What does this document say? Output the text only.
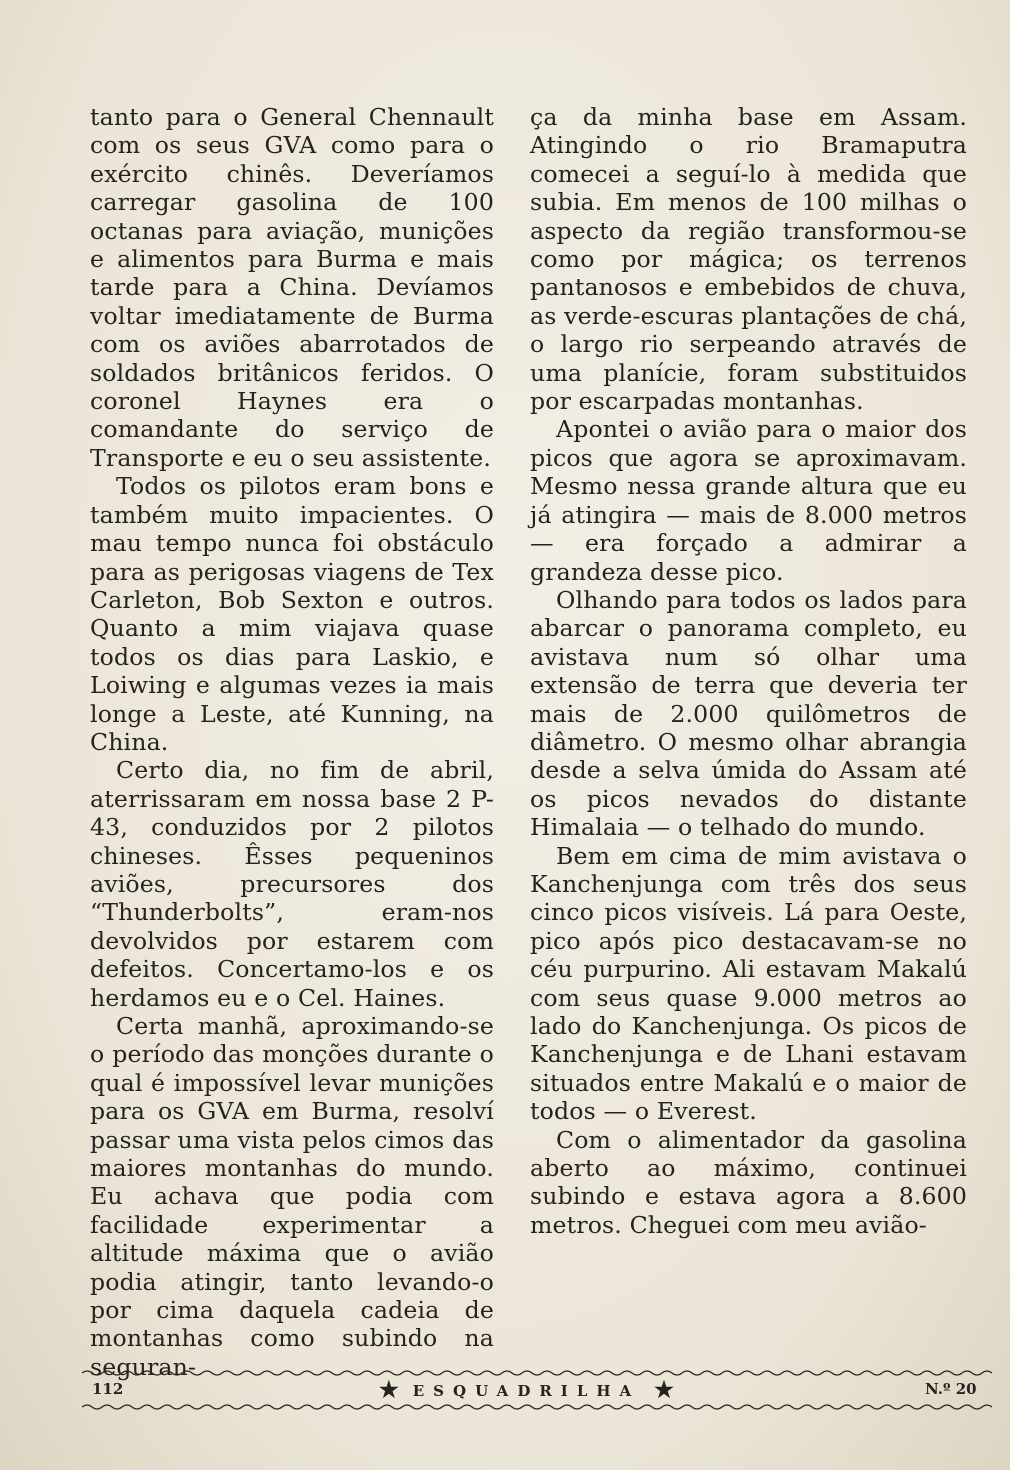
tanto para o General Chennault com os seus GVA como para o exército chinês. Deveríamos carregar gasolina de 100 octanas para aviação, munições e alimentos para Burma e mais tarde para a China. Devíamos voltar imediatamente de Burma com os aviões abarrotados de soldados britânicos feridos. O coronel Haynes era o comandante do serviço de Transporte e eu o seu assistente.

Todos os pilotos eram bons e também muito impacientes. O mau tempo nunca foi obstáculo para as perigosas viagens de Tex Carleton, Bob Sexton e outros. Quanto a mim viajava quase todos os dias para Laskio, e Loiwing e algumas vezes ia mais longe a Leste, até Kunning, na China.

Certo dia, no fim de abril, aterrissaram em nossa base 2 P-43, conduzidos por 2 pilotos chineses. Êsses pequeninos aviões, precursores dos “Thunderbolts”, eram-nos devolvidos por estarem com defeitos. Concertamo-los e os herdamos eu e o Cel. Haines.

Certa manhã, aproximando-se o período das monções durante o qual é impossível levar munições para os GVA em Burma, resolví passar uma vista pelos cimos das maiores montanhas do mundo. Eu achava que podia com facilidade experimentar a altitude máxima que o avião podia atingir, tanto levando-o por cima daquela cadeia de montanhas como subindo na seguran-

ça da minha base em Assam. Atingindo o rio Bramaputra comecei a seguí-lo à medida que subia. Em menos de 100 milhas o aspecto da região transformou-se como por mágica; os terrenos pantanosos e embebidos de chuva, as verde-escuras plantações de chá, o largo rio serpeando através de uma planície, foram substituidos por escarpadas montanhas.

Apontei o avião para o maior dos picos que agora se aproximavam. Mesmo nessa grande altura que eu já atingira — mais de 8.000 metros — era forçado a admirar a grandeza desse pico.

Olhando para todos os lados para abarcar o panorama completo, eu avistava num só olhar uma extensão de terra que deveria ter mais de 2.000 quilômetros de diâmetro. O mesmo olhar abrangia desde a selva úmida do Assam até os picos nevados do distante Himalaia — o telhado do mundo.

Bem em cima de mim avistava o Kanchenjunga com três dos seus cinco picos visíveis. Lá para Oeste, pico após pico destacavam-se no céu purpurino. Ali estavam Makalú com seus quase 9.000 metros ao lado do Kanchenjunga. Os picos de Kanchenjunga e de Lhani estavam situados entre Makalú e o maior de todos — o Everest.

Com o alimentador da gasolina aberto ao máximo, continuei subindo e estava agora a 8.600 metros. Cheguei com meu avião-

112	★ ESQUADRILHA ★	N.º 20
